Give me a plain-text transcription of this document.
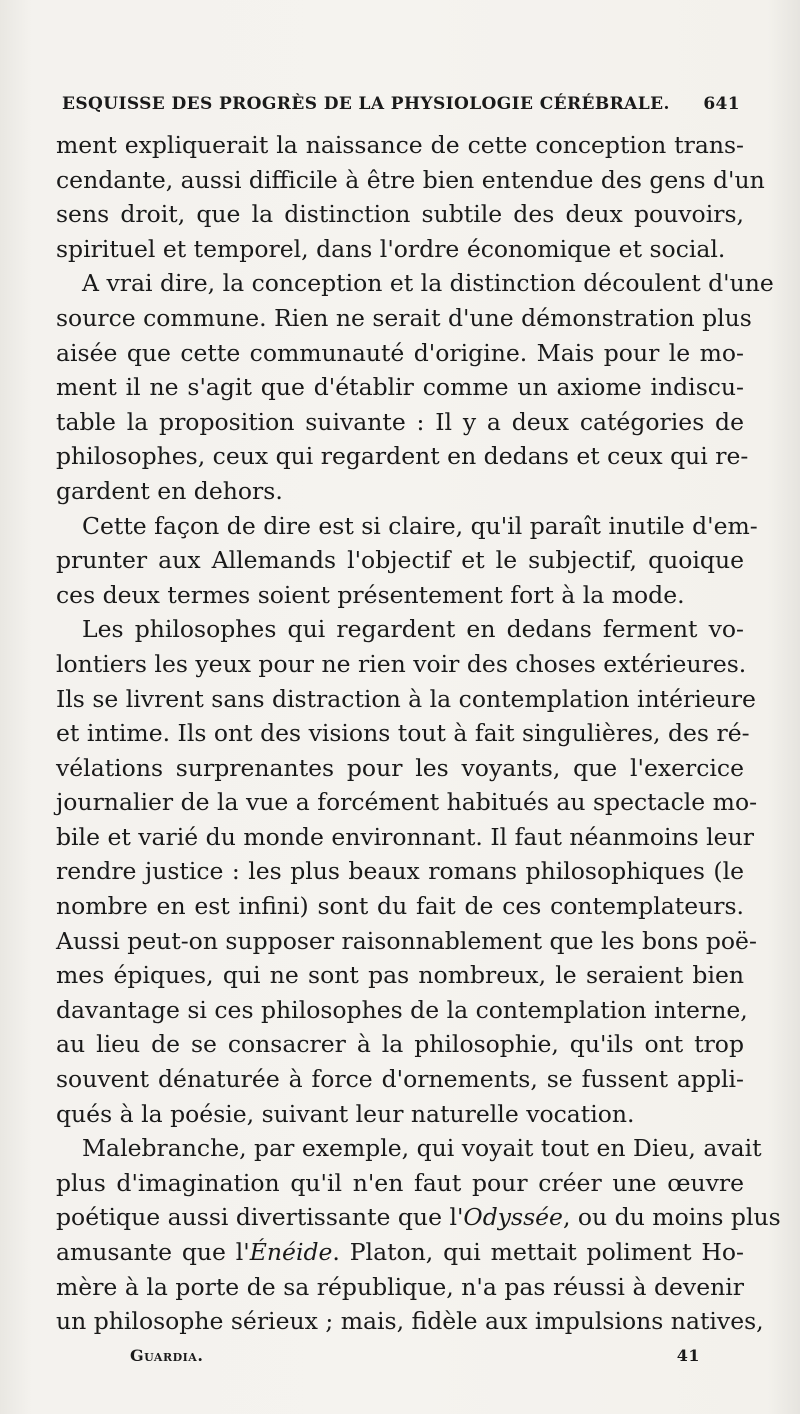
ESQUISSE DES PROGRÈS DE LA PHYSIOLOGIE CÉRÉBRALE. 641
ment expliquerait la naissance de cette conception trans-
cendante, aussi difficile à être bien entendue des gens d'un
sens droit, que la distinction subtile des deux pouvoirs,
spirituel et temporel, dans l'ordre économique et social.
A vrai dire, la conception et la distinction découlent d'une
source commune. Rien ne serait d'une démonstration plus
aisée que cette communauté d'origine. Mais pour le mo-
ment il ne s'agit que d'établir comme un axiome indiscu-
table la proposition suivante : Il y a deux catégories de
philosophes, ceux qui regardent en dedans et ceux qui re-
gardent en dehors.
Cette façon de dire est si claire, qu'il paraît inutile d'em-
prunter aux Allemands l'objectif et le subjectif, quoique
ces deux termes soient présentement fort à la mode.
Les philosophes qui regardent en dedans ferment vo-
lontiers les yeux pour ne rien voir des choses extérieures.
Ils se livrent sans distraction à la contemplation intérieure
et intime. Ils ont des visions tout à fait singulières, des ré-
vélations surprenantes pour les voyants, que l'exercice
journalier de la vue a forcément habitués au spectacle mo-
bile et varié du monde environnant. Il faut néanmoins leur
rendre justice : les plus beaux romans philosophiques (le
nombre en est infini) sont du fait de ces contemplateurs.
Aussi peut-on supposer raisonnablement que les bons poë-
mes épiques, qui ne sont pas nombreux, le seraient bien
davantage si ces philosophes de la contemplation interne,
au lieu de se consacrer à la philosophie, qu'ils ont trop
souvent dénaturée à force d'ornements, se fussent appli-
qués à la poésie, suivant leur naturelle vocation.
Malebranche, par exemple, qui voyait tout en Dieu, avait
plus d'imagination qu'il n'en faut pour créer une œuvre
poétique aussi divertissante que l'Odyssée, ou du moins plus
amusante que l'Énéide. Platon, qui mettait poliment Ho-
mère à la porte de sa république, n'a pas réussi à devenir
un philosophe sérieux ; mais, fidèle aux impulsions natives,
Guardia.	41
